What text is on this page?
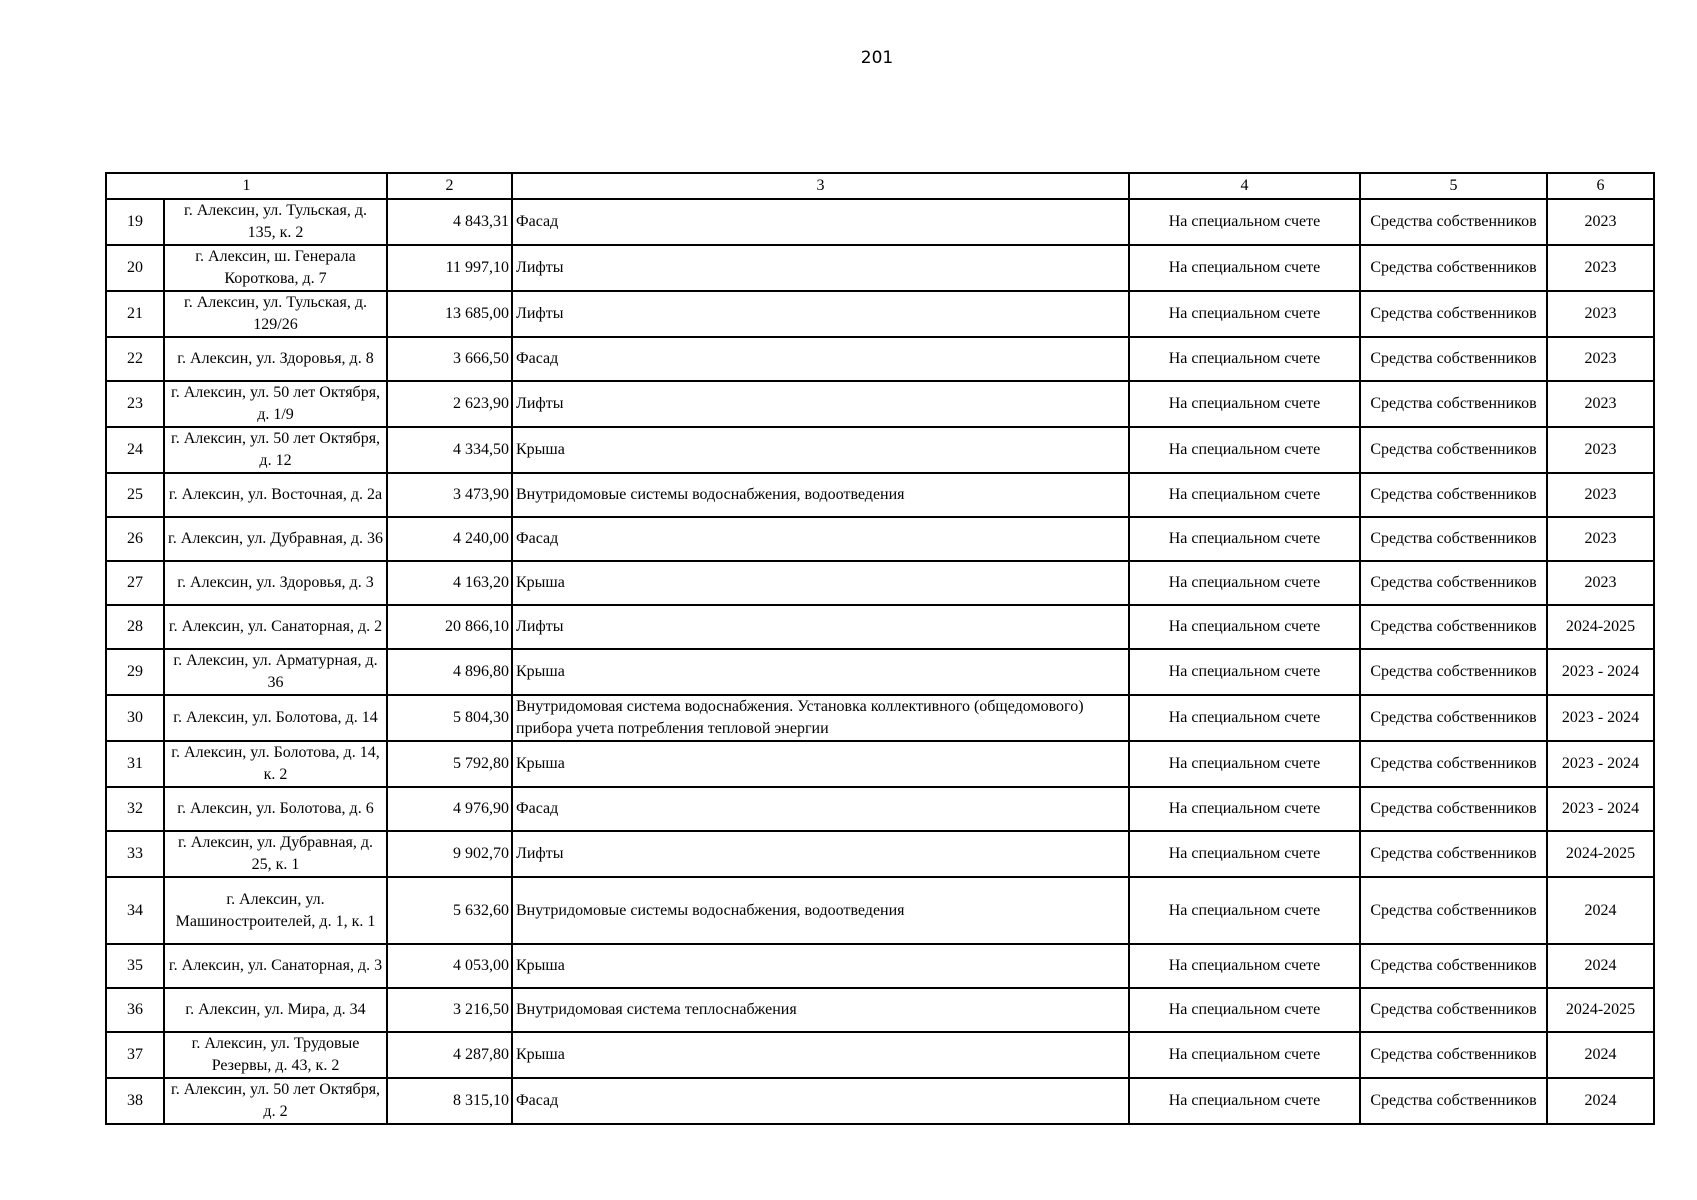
201
1		2	3	4	5	6
19	г. Алексин, ул. Тульская, д. 135, к. 2	4 843,31	Фасад	На специальном счете	Средства собственников	2023
20	г. Алексин, ш. Генерала Короткова, д. 7	11 997,10	Лифты	На специальном счете	Средства собственников	2023
21	г. Алексин, ул. Тульская, д. 129/26	13 685,00	Лифты	На специальном счете	Средства собственников	2023
22	г. Алексин, ул. Здоровья, д. 8	3 666,50	Фасад	На специальном счете	Средства собственников	2023
23	г. Алексин, ул. 50 лет Октября, д. 1/9	2 623,90	Лифты	На специальном счете	Средства собственников	2023
24	г. Алексин, ул. 50 лет Октября, д. 12	4 334,50	Крыша	На специальном счете	Средства собственников	2023
25	г. Алексин, ул. Восточная, д. 2а	3 473,90	Внутридомовые системы водоснабжения, водоотведения	На специальном счете	Средства собственников	2023
26	г. Алексин, ул. Дубравная, д. 36	4 240,00	Фасад	На специальном счете	Средства собственников	2023
27	г. Алексин, ул. Здоровья, д. 3	4 163,20	Крыша	На специальном счете	Средства собственников	2023
28	г. Алексин, ул. Санаторная, д. 2	20 866,10	Лифты	На специальном счете	Средства собственников	2024-2025
29	г. Алексин, ул. Арматурная, д. 36	4 896,80	Крыша	На специальном счете	Средства собственников	2023 - 2024
30	г. Алексин, ул. Болотова, д. 14	5 804,30	Внутридомовая система водоснабжения. Установка коллективного (общедомового) прибора учета потребления тепловой энергии	На специальном счете	Средства собственников	2023 - 2024
31	г. Алексин, ул. Болотова, д. 14, к. 2	5 792,80	Крыша	На специальном счете	Средства собственников	2023 - 2024
32	г. Алексин, ул. Болотова, д. 6	4 976,90	Фасад	На специальном счете	Средства собственников	2023 - 2024
33	г. Алексин, ул. Дубравная, д. 25, к. 1	9 902,70	Лифты	На специальном счете	Средства собственников	2024-2025
34	г. Алексин, ул. Машиностроителей, д. 1, к. 1	5 632,60	Внутридомовые системы водоснабжения, водоотведения	На специальном счете	Средства собственников	2024
35	г. Алексин, ул. Санаторная, д. 3	4 053,00	Крыша	На специальном счете	Средства собственников	2024
36	г. Алексин, ул. Мира, д. 34	3 216,50	Внутридомовая система теплоснабжения	На специальном счете	Средства собственников	2024-2025
37	г. Алексин, ул. Трудовые Резервы, д. 43, к. 2	4 287,80	Крыша	На специальном счете	Средства собственников	2024
38	г. Алексин, ул. 50 лет Октября, д. 2	8 315,10	Фасад	На специальном счете	Средства собственников	2024
